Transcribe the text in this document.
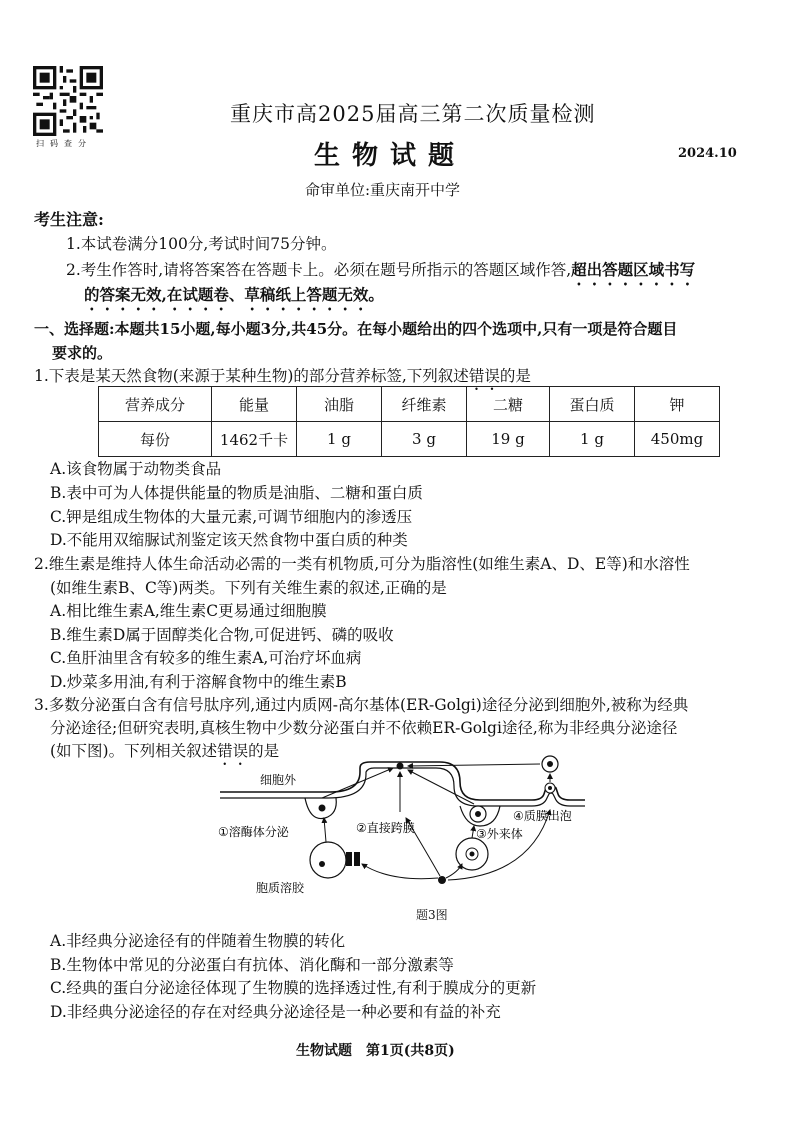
扫码查分
重庆市高2025届高三第二次质量检测
生物试题	2024.10
命审单位:重庆南开中学
考生注意:
1.本试卷满分100分,考试时间75分钟。
2.考生作答时,请将答案答在答题卡上。必须在题号所指示的答题区域作答,超出答题区域书写
的答案无效,在试题卷、草稿纸上答题无效。
一、选择题:本题共15小题,每小题3分,共45分。在每小题给出的四个选项中,只有一项是符合题目
要求的。
1.下表是某天然食物(来源于某种生物)的部分营养标签,下列叙述错误的是
营养成分	能量	油脂	纤维素	二糖	蛋白质	钾
每份	1462千卡	1 g	3 g	19 g	1 g	450mg
A.该食物属于动物类食品
B.表中可为人体提供能量的物质是油脂、二糖和蛋白质
C.钾是组成生物体的大量元素,可调节细胞内的渗透压
D.不能用双缩脲试剂鉴定该天然食物中蛋白质的种类
2.维生素是维持人体生命活动必需的一类有机物质,可分为脂溶性(如维生素A、D、E等)和水溶性
(如维生素B、C等)两类。下列有关维生素的叙述,正确的是
A.相比维生素A,维生素C更易通过细胞膜
B.维生素D属于固醇类化合物,可促进钙、磷的吸收
C.鱼肝油里含有较多的维生素A,可治疗坏血病
D.炒菜多用油,有利于溶解食物中的维生素B
3.多数分泌蛋白含有信号肽序列,通过内质网-高尔基体(ER-Golgi)途径分泌到细胞外,被称为经典
分泌途径;但研究表明,真核生物中少数分泌蛋白并不依赖ER-Golgi途径,称为非经典分泌途径
(如下图)。下列相关叙述错误的是
细胞外
①溶酶体分泌	②直接跨膜	③外来体
④质膜出泡
胞质溶胶
题3图
A.非经典分泌途径有的伴随着生物膜的转化
B.生物体中常见的分泌蛋白有抗体、消化酶和一部分激素等
C.经典的蛋白分泌途径体现了生物膜的选择透过性,有利于膜成分的更新
D.非经典分泌途径的存在对经典分泌途径是一种必要和有益的补充
生物试题　第1页(共8页)
